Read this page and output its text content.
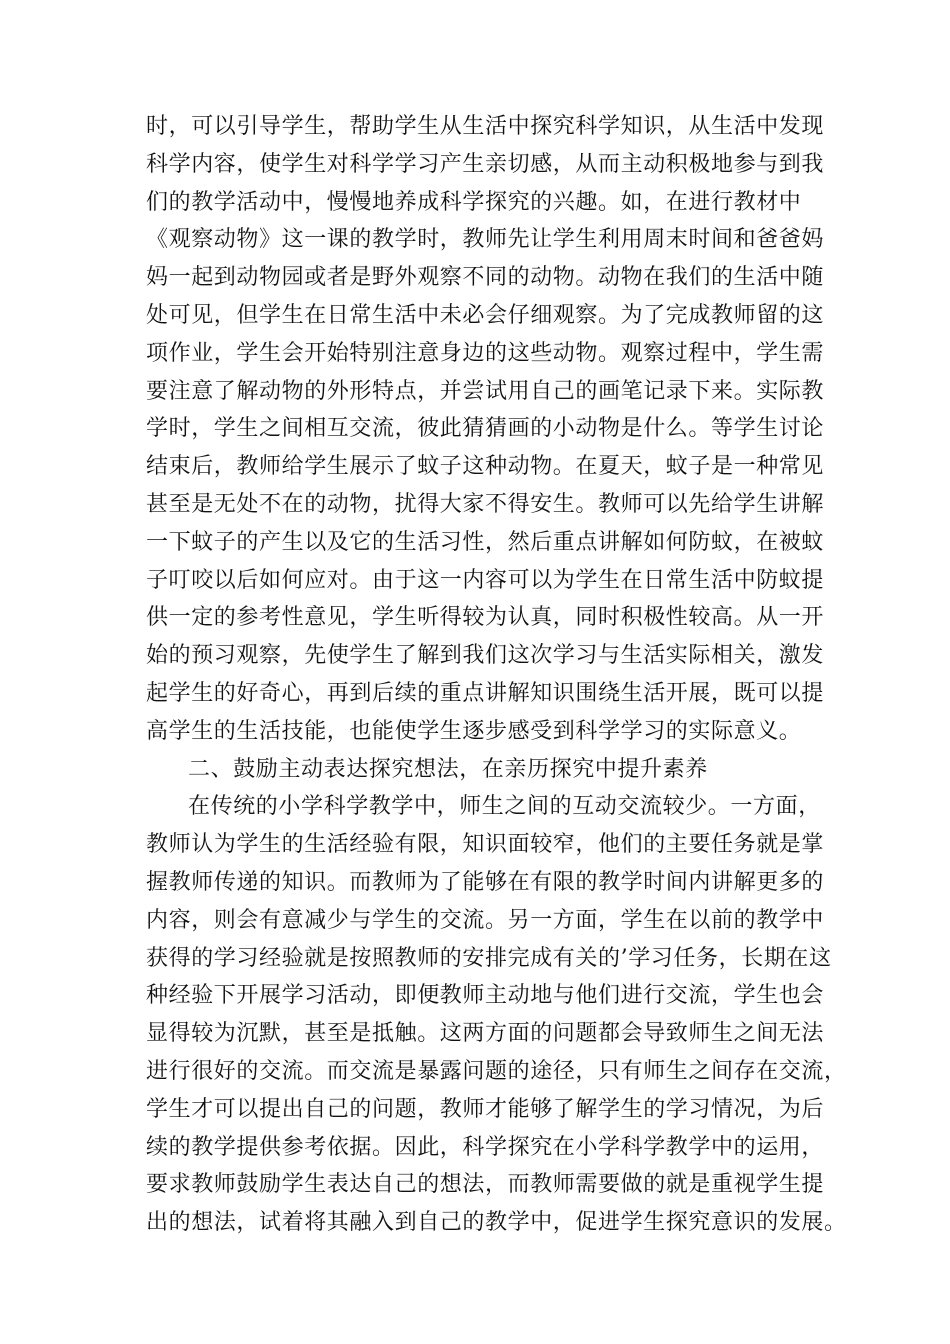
时，可以引导学生，帮助学生从生活中探究科学知识，从生活中发现
科学内容，使学生对科学学习产生亲切感，从而主动积极地参与到我
们的教学活动中，慢慢地养成科学探究的兴趣。如，在进行教材中
《观察动物》这一课的教学时，教师先让学生利用周末时间和爸爸妈
妈一起到动物园或者是野外观察不同的动物。动物在我们的生活中随
处可见，但学生在日常生活中未必会仔细观察。为了完成教师留的这
项作业，学生会开始特别注意身边的这些动物。观察过程中，学生需
要注意了解动物的外形特点，并尝试用自己的画笔记录下来。实际教
学时，学生之间相互交流，彼此猜猜画的小动物是什么。等学生讨论
结束后，教师给学生展示了蚊子这种动物。在夏天，蚊子是一种常见
甚至是无处不在的动物，扰得大家不得安生。教师可以先给学生讲解
一下蚊子的产生以及它的生活习性，然后重点讲解如何防蚊，在被蚊
子叮咬以后如何应对。由于这一内容可以为学生在日常生活中防蚊提
供一定的参考性意见，学生听得较为认真，同时积极性较高。从一开
始的预习观察，先使学生了解到我们这次学习与生活实际相关，激发
起学生的好奇心，再到后续的重点讲解知识围绕生活开展，既可以提
高学生的生活技能，也能使学生逐步感受到科学学习的实际意义。
二、鼓励主动表达探究想法，在亲历探究中提升素养
在传统的小学科学教学中，师生之间的互动交流较少。一方面，
教师认为学生的生活经验有限，知识面较窄，他们的主要任务就是掌
握教师传递的知识。而教师为了能够在有限的教学时间内讲解更多的
内容，则会有意减少与学生的交流。另一方面，学生在以前的教学中
获得的学习经验就是按照教师的安排完成有关的’学习任务，长期在这
种经验下开展学习活动，即便教师主动地与他们进行交流，学生也会
显得较为沉默，甚至是抵触。这两方面的问题都会导致师生之间无法
进行很好的交流。而交流是暴露问题的途径，只有师生之间存在交流，
学生才可以提出自己的问题，教师才能够了解学生的学习情况，为后
续的教学提供参考依据。因此，科学探究在小学科学教学中的运用，
要求教师鼓励学生表达自己的想法，而教师需要做的就是重视学生提
出的想法，试着将其融入到自己的教学中，促进学生探究意识的发展。
